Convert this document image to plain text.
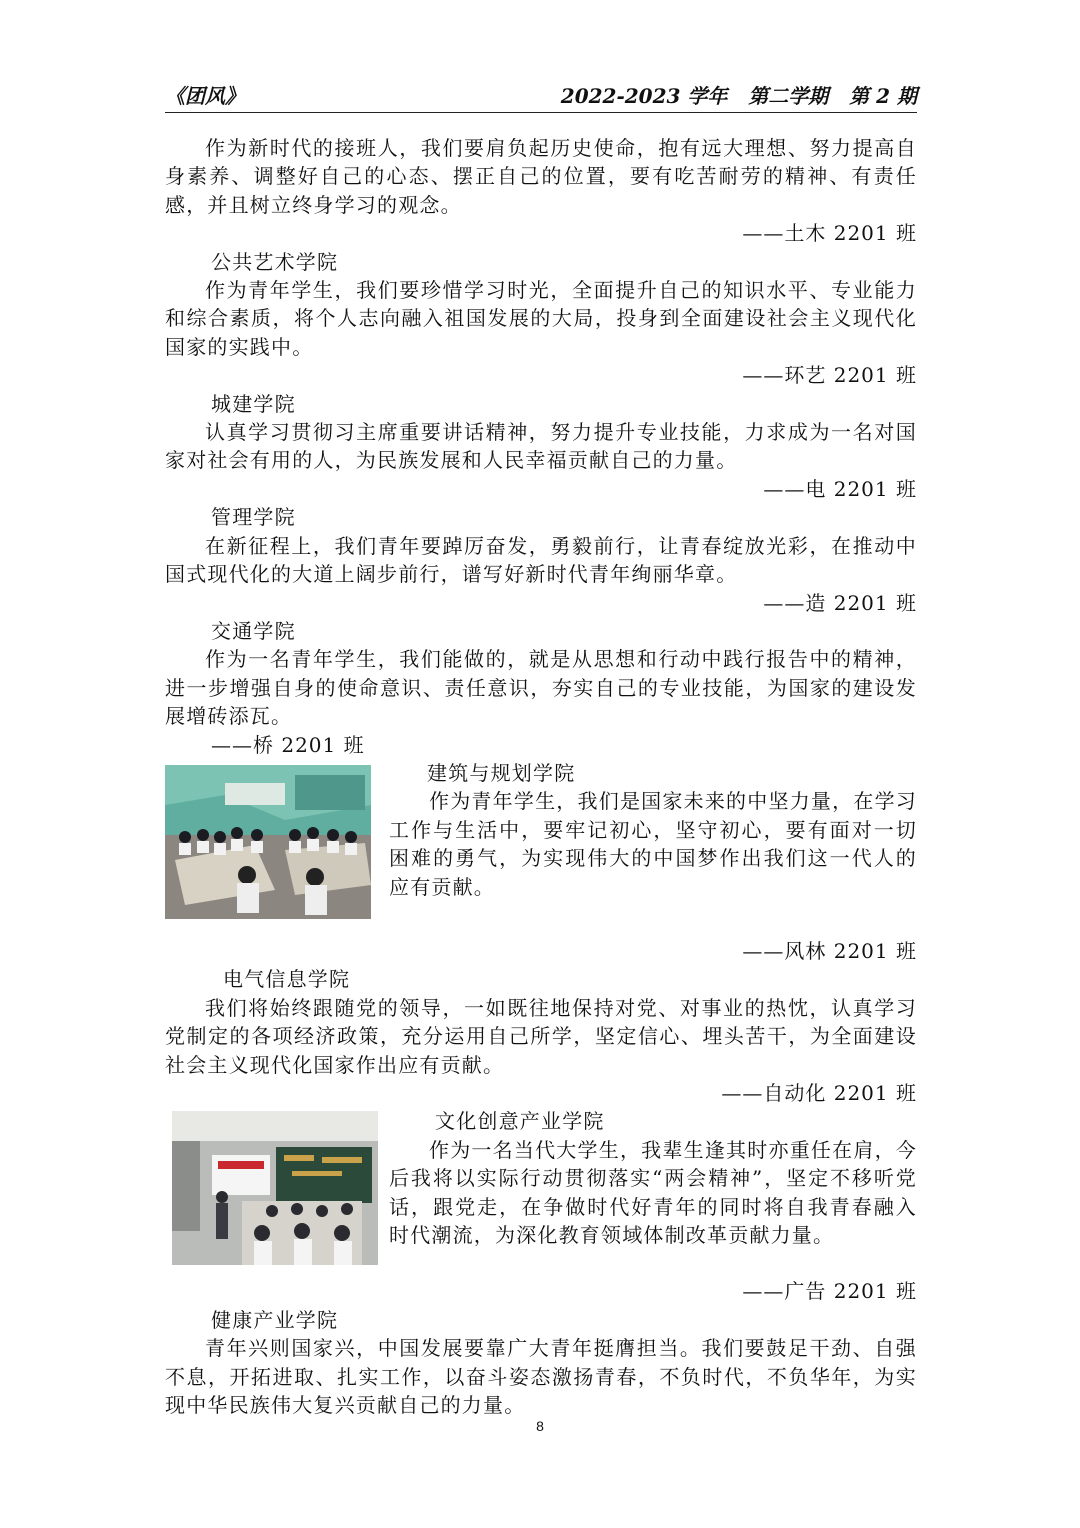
《团风》	2022-2023 学年   第二学期   第 2 期

作为新时代的接班人，我们要肩负起历史使命，抱有远大理想、努力提高自身素养、调整好自己的心态、摆正自己的位置，要有吃苦耐劳的精神、有责任感，并且树立终身学习的观念。

——土木 2201 班

公共艺术学院

作为青年学生，我们要珍惜学习时光，全面提升自己的知识水平、专业能力和综合素质，将个人志向融入祖国发展的大局，投身到全面建设社会主义现代化国家的实践中。

——环艺 2201 班

城建学院

认真学习贯彻习主席重要讲话精神，努力提升专业技能，力求成为一名对国家对社会有用的人，为民族发展和人民幸福贡献自己的力量。

——电 2201 班

管理学院

在新征程上，我们青年要踔厉奋发，勇毅前行，让青春绽放光彩，在推动中国式现代化的大道上阔步前行，谱写好新时代青年绚丽华章。

——造 2201 班

交通学院

作为一名青年学生，我们能做的，就是从思想和行动中践行报告中的精神，进一步增强自身的使命意识、责任意识，夯实自己的专业技能，为国家的建设发展增砖添瓦。

——桥 2201 班

建筑与规划学院

作为青年学生，我们是国家未来的中坚力量，在学习工作与生活中，要牢记初心，坚守初心，要有面对一切困难的勇气，为实现伟大的中国梦作出我们这一代人的应有贡献。

——风林 2201 班

电气信息学院

我们将始终跟随党的领导，一如既往地保持对党、对事业的热忱，认真学习党制定的各项经济政策，充分运用自己所学，坚定信心、埋头苦干，为全面建设社会主义现代化国家作出应有贡献。

——自动化 2201 班

文化创意产业学院

作为一名当代大学生，我辈生逢其时亦重任在肩，今后我将以实际行动贯彻落实“两会精神”，坚定不移听党话，跟党走，在争做时代好青年的同时将自我青春融入时代潮流，为深化教育领域体制改革贡献力量。

——广告 2201 班

健康产业学院

青年兴则国家兴，中国发展要靠广大青年挺膺担当。我们要鼓足干劲、自强不息，开拓进取、扎实工作，以奋斗姿态激扬青春，不负时代，不负华年，为实现中华民族伟大复兴贡献自己的力量。

8
